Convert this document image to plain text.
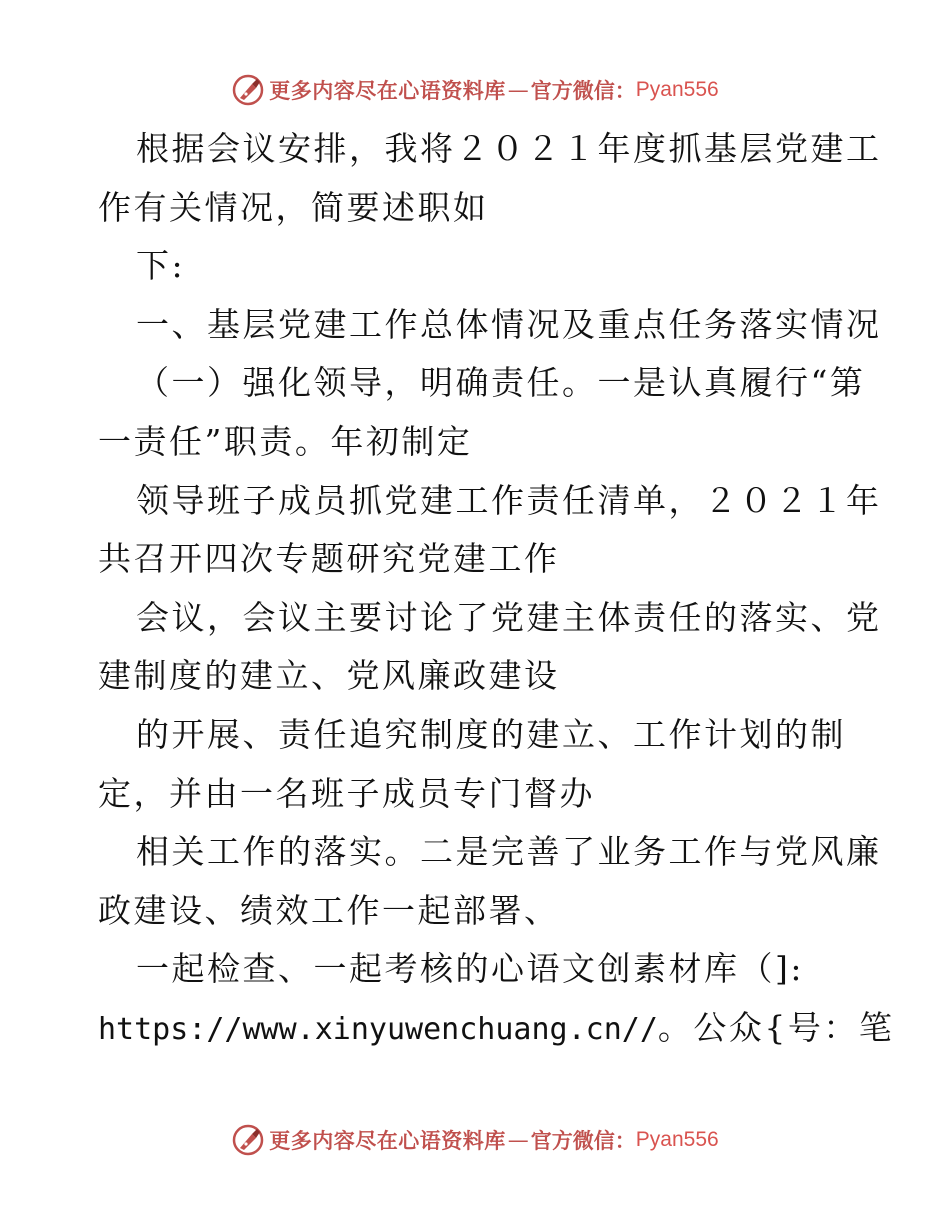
更多内容尽在心语资料库 — 官方微信： Pyan556
根据会议安排，我将２０２１年度抓基层党建工
作有关情况，简要述职如
下:
一、基层党建工作总体情况及重点任务落实情况
（一）强化领导，明确责任。一是认真履行“第
一责任”职责。年初制定
领导班子成员抓党建工作责任清单，２０２１年
共召开四次专题研究党建工作
会议，会议主要讨论了党建主体责任的落实、党
建制度的建立、党风廉政建设
的开展、责任追究制度的建立、工作计划的制
定，并由一名班子成员专门督办
相关工作的落实。二是完善了业务工作与党风廉
政建设、绩效工作一起部署、
一起检查、一起考核的心语文创素材库（]:
https://www.xinyuwenchuang.cn//。公众{号：笔
更多内容尽在心语资料库 — 官方微信： Pyan556
